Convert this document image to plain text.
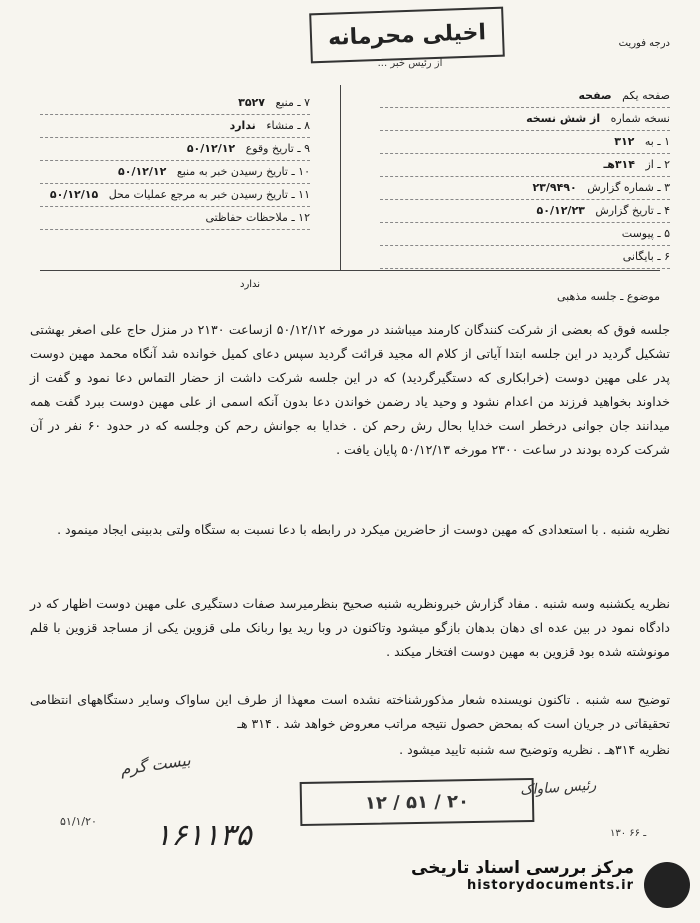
اخیلی محرمانه
... از رئیس خبر
درجه فوریت
۷ ـ منبع   ۳۵۲۷
۸ ـ منشاء   ندارد
۹ ـ تاریخ وقوع   ۵۰/۱۲/۱۲
۱۰ ـ تاریخ رسیدن خبر به منبع   ۵۰/۱۲/۱۲
۱۱ ـ تاریخ رسیدن خبر به مرجع عملیات محل   ۵۰/۱۲/۱۵
۱۲ ـ ملاحظات حفاظتی
صفحه یکم   صفحه
نسخه شماره   از شش نسخه
۱ ـ به   ۳۱۲
۲ ـ از   ۳۱۴هـ
۳ ـ شماره گزارش   ۲۳/۹۴۹۰
۴ ـ تاریخ گزارش   ۵۰/۱۲/۲۳
۵ ـ پیوست
۶ ـ بایگانی
ندارد
موضوع ـ جلسه مذهبی
جلسه فوق که بعضی از شرکت کنندگان کارمند میباشند در مورخه ۵۰/۱۲/۱۲ ازساعت ۲۱۳۰ در منزل حاج علی اصغر بهشتی تشکیل گردید در این جلسه ابتدا آیاتی از کلام اله مجید قرائت گردید سپس دعای کمیل خوانده شد آنگاه محمد مهین دوست پدر علی مهین دوست (خرابکاری که دستگیرگردید) که در این جلسه شرکت داشت از حضار التماس دعا نمود و گفت از خداوند بخواهید فرزند من اعدام نشود و وحید یاد رضمن خواندن دعا بدون آنکه اسمی از علی مهین دوست ببرد گفت همه میدانند جان جوانی درخطر است خدایا بحال رش رحم کن . خدایا به جوانش رحم کن وجلسه که در حدود ۶۰ نفر در آن شرکت کرده بودند در ساعت ۲۳۰۰ مورخه ۵۰/۱۲/۱۳ پایان یافت .
نظریه شنبه . با استعدادی که مهین دوست از حاضرین میکرد در رابطه با دعا نسبت به ستگاه ولتی بدبینی ایجاد مینمود .
نظریه یکشنبه وسه شنبه . مفاد گزارش خبرونظریه شنبه صحیح بنظرمیرسد صفات دستگیری علی مهین دوست اظهار که در دادگاه نمود در بین عده ای دهان بدهان بازگو میشود وتاکنون در وبا رید یوا ربانک ملی قزوین یکی از مساجد قزوین با قلم مونوشته شده بود قزوین به مهین دوست افتخار میکند .
توضیح سه شنبه . تاکنون نویسنده شعار مذکورشناخته نشده است معهذا از طرف این ساواک وسایر دستگاههای انتظامی تحقیقاتی در جریان است که بمحض حصول نتیجه مراتب معروض خواهد شد . ۳۱۴ هـ
نظریه ۳۱۴هـ . نظریه وتوضیح سه شنبه تایید میشود .
بیست گرم
رئیس ساواک
۱۲ / ۵۱ / ۲۰
۱۶۱۱۳۵
۵۱/۱/۲۰
۱۳۰ ـ ۶۶
مرکز بررسی اسناد تاریخی
historydocuments.ir
